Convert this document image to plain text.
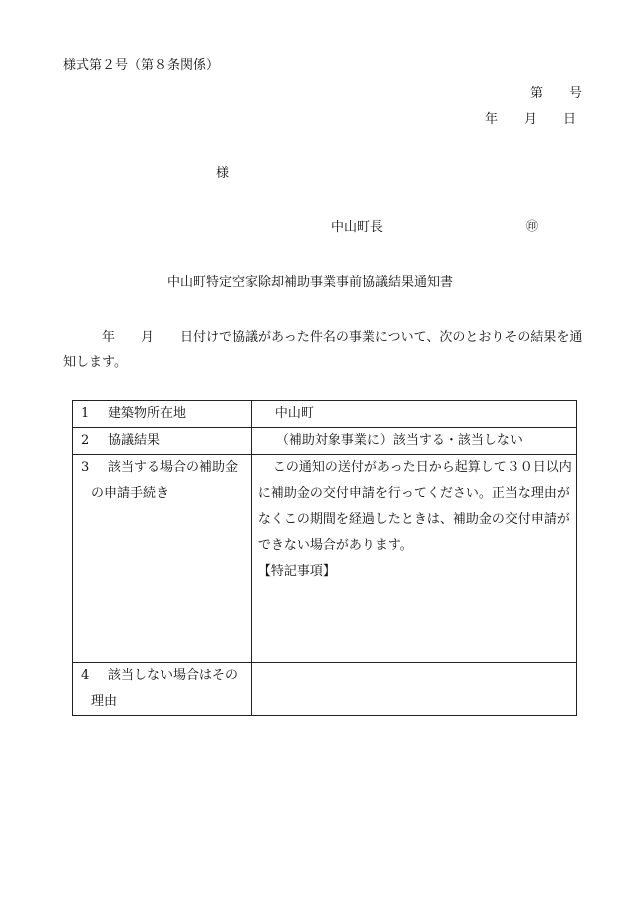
様式第２号（第８条関係）
第　　号
年　　月　　日
様
中山町長	㊞
中山町特定空家除却補助事業事前協議結果通知書
　　　年　　月　　日付けで協議があった件名の事業について、次のとおりその結果を通知します。
1 建築物所在地	中山町

2 協議結果	（補助対象事業に）該当する・該当しない

3 該当する場合の補助金
の申請手続き	この通知の送付があった日から起算して３０日以内に補助金の交付申請を行ってください。正当な理由がなくこの期間を経過したときは、補助金の交付申請ができない場合があります。
【特記事項】

4 該当しない場合はその
理由	
